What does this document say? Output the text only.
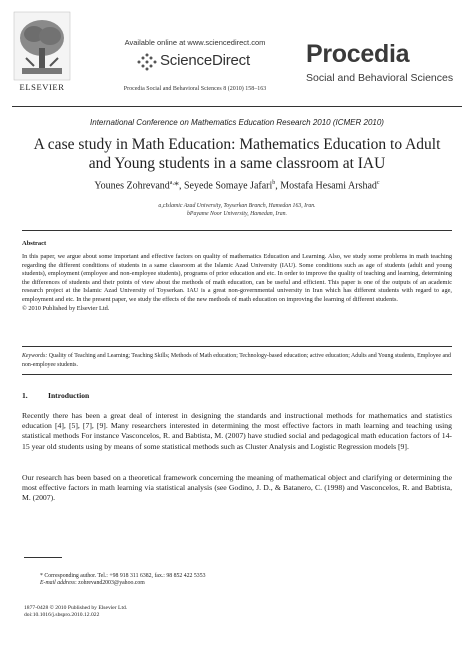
ELSEVIER
Available online at www.sciencedirect.com
ScienceDirect
Procedia Social and Behavioral Sciences 8 (2010) 158–163
Procedia
Social and Behavioral Sciences
International Conference on Mathematics Education Research 2010 (ICMER 2010)
A case study in Math Education: Mathematics Education to Adult
and Young students in a same classroom at IAU
Younes Zohrevand$^{a,}$*, Seyede Somaye Jafari$^b$, Mostafa Hesami Arshad$^c$
a,cIslamic Azad University, Toyserkan Branch, Hamedan 163, Iran.
bPayame Noor University, Hamedan, Iran.
Abstract
In this paper, we argue about some important and effective factors on quality of mathematics Education and Learning. Also, we study some problems in math teaching regarding the different conditions of students in a same classroom at the Islamic Azad University (IAU). Some conditions such as age of students (adult and young students), employment (employee and non-employee students), programs of prior education and etc. In order to improve the quality of teaching and learning, determining the differences of students and their points of view about the methods of math education, can be useful and efficient. This paper is one of the outputs of an academic research project at the Islamic Azad University of Toyserkan. IAU is a great non-governmental university in Iran which has different students with regard to age, employment and etc. In the present paper, we study the effects of the new methods of math education on improving the learning of different students.
© 2010 Published by Elsevier Ltd.
Keywords: Quality of Teaching and Learning; Teaching Skills; Methods of Math education; Technology-based education; active education; Adults and Young students, Employee and non-employee students.
1.	Introduction
Recently there has been a great deal of interest in designing the standards and instructional methods for mathematics and statistics education [4], [5], [7], [9]. Many researchers interested in determining the most effective factors in math learning and teaching using statistical methods For instance Vasconcelos, R. and Babtista, M. (2007) have studied social and pedagogical math education factors of 14-15 year old students using by means of some statistical methods such as Cluster Analysis and Logistic Regression models [9].
Our research has been based on a theoretical framework concerning the meaning of mathematical object and clarifying or determining the most effective factors in math learning via statistical analysis (see Godino, J. D., & Batanero, C. (1998) and Vasconcelos, R. and Babtista, M. (2007).
* Corresponding author. Tel.: +98 918 311 6382, fax.: 98 852 422 5353
E-mail address: zohrevand2003@yahoo.com
1877-0428 © 2010 Published by Elsevier Ltd.
doi:10.1016/j.sbspro.2010.12.022
